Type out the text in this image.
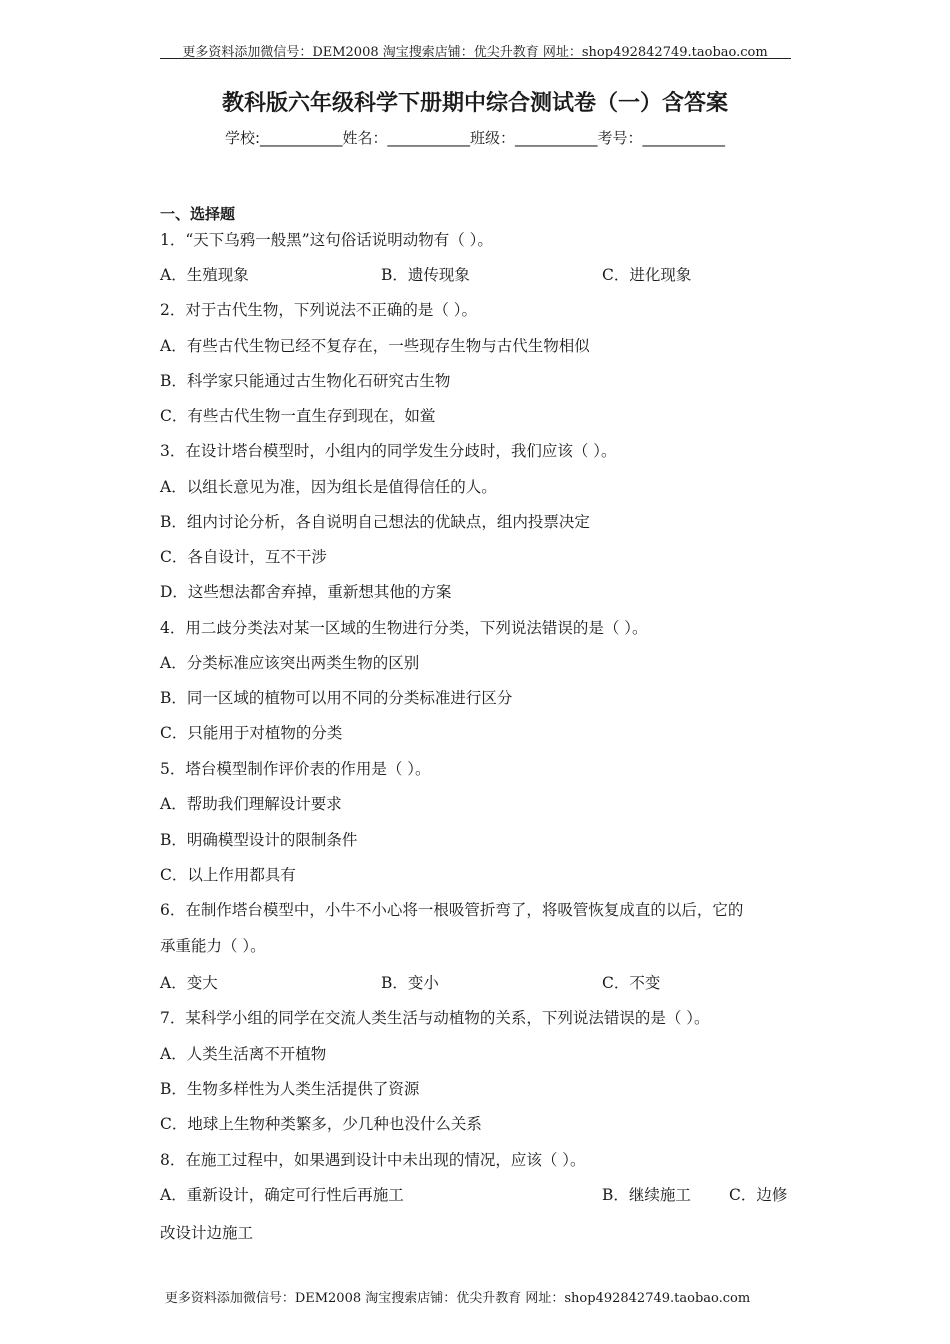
更多资料添加微信号：DEM2008 淘宝搜索店铺：优尖升教育 网址：shop492842749.taobao.com
教科版六年级科学下册期中综合测试卷（一）含答案
学校:___________姓名：___________班级：___________考号：___________
一、选择题
1．“天下乌鸦一般黑”这句俗话说明动物有（ ）。
A．生殖现象	B．遗传现象	C．进化现象
2．对于古代生物，下列说法不正确的是（ ）。
A．有些古代生物已经不复存在，一些现存生物与古代生物相似
B．科学家只能通过古生物化石研究古生物
C．有些古代生物一直生存到现在，如鲎
3．在设计塔台模型时，小组内的同学发生分歧时，我们应该（ ）。
A．以组长意见为准，因为组长是值得信任的人。
B．组内讨论分析，各自说明自己想法的优缺点，组内投票决定
C．各自设计，互不干涉
D．这些想法都舍弃掉，重新想其他的方案
4．用二歧分类法对某一区域的生物进行分类，下列说法错误的是（ ）。
A．分类标准应该突出两类生物的区别
B．同一区域的植物可以用不同的分类标准进行区分
C．只能用于对植物的分类
5．塔台模型制作评价表的作用是（ ）。
A．帮助我们理解设计要求
B．明确模型设计的限制条件
C．以上作用都具有
6．在制作塔台模型中，小牛不小心将一根吸管折弯了，将吸管恢复成直的以后，它的
承重能力（ ）。
A．变大	B．变小	C．不变
7．某科学小组的同学在交流人类生活与动植物的关系，下列说法错误的是（ ）。
A．人类生活离不开植物
B．生物多样性为人类生活提供了资源
C．地球上生物种类繁多，少几种也没什么关系
8．在施工过程中，如果遇到设计中未出现的情况，应该（ ）。
A．重新设计，确定可行性后再施工	B．继续施工 C．边修
改设计边施工
更多资料添加微信号：DEM2008 淘宝搜索店铺：优尖升教育 网址：shop492842749.taobao.com
